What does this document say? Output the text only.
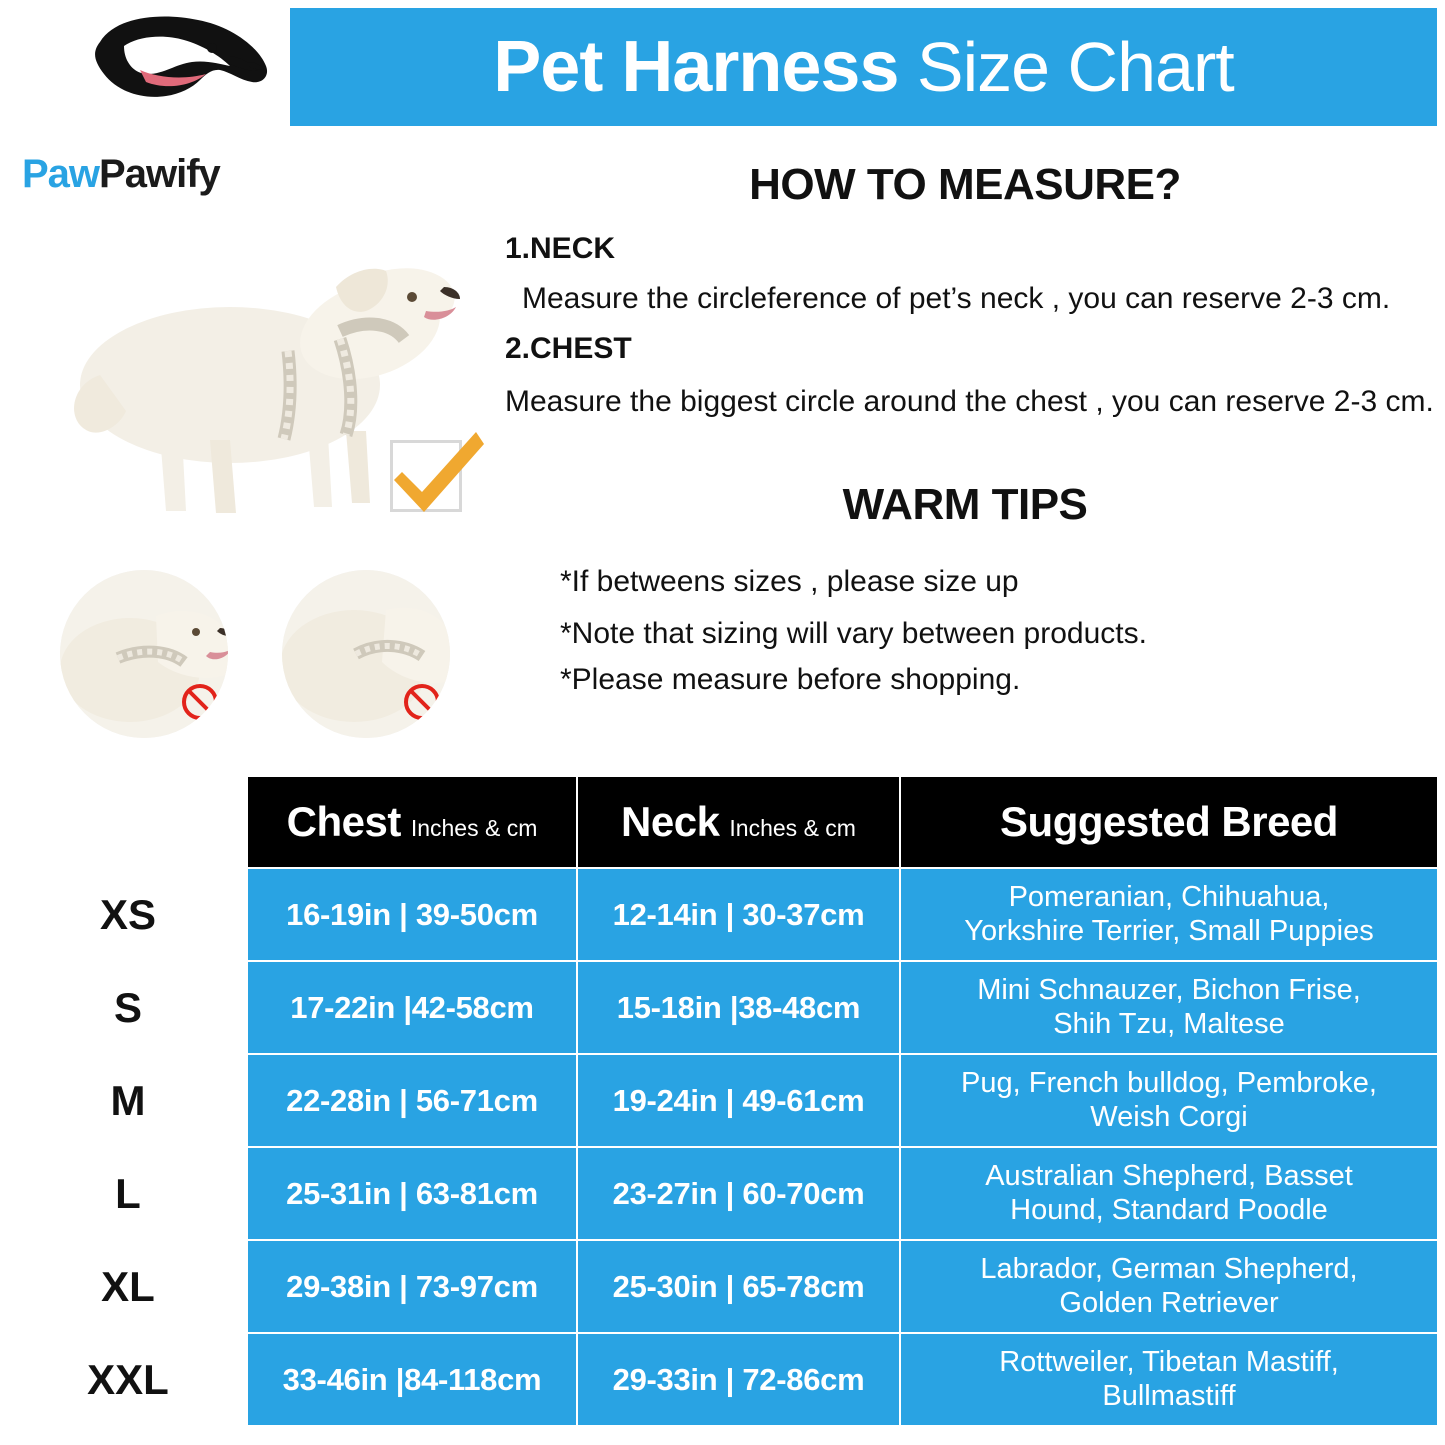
Pet Harness Size Chart
PawPawify	HOW TO MEASURE?
1.NECK
Measure the circleference of pet’s neck , you can reserve 2-3 cm.
2.CHEST
Measure the biggest circle around the chest , you can reserve 2-3 cm.
WARM TIPS
*If betweens sizes , please size up
*Note that sizing will vary between products.
*Please measure before shopping.
	Chest Inches & cm	Neck Inches & cm	Suggested Breed
XS	16-19in | 39-50cm	12-14in | 30-37cm	Pomeranian, Chihuahua,
Yorkshire Terrier, Small Puppies
S	17-22in |42-58cm	15-18in |38-48cm	Mini Schnauzer, Bichon Frise,
Shih Tzu, Maltese
M	22-28in | 56-71cm	19-24in | 49-61cm	Pug, French bulldog, Pembroke,
Weish Corgi
L	25-31in | 63-81cm	23-27in | 60-70cm	Australian Shepherd, Basset
Hound, Standard Poodle
XL	29-38in | 73-97cm	25-30in | 65-78cm	Labrador, German Shepherd,
Golden Retriever
XXL	33-46in |84-118cm	29-33in | 72-86cm	Rottweiler, Tibetan Mastiff,
Bullmastiff
